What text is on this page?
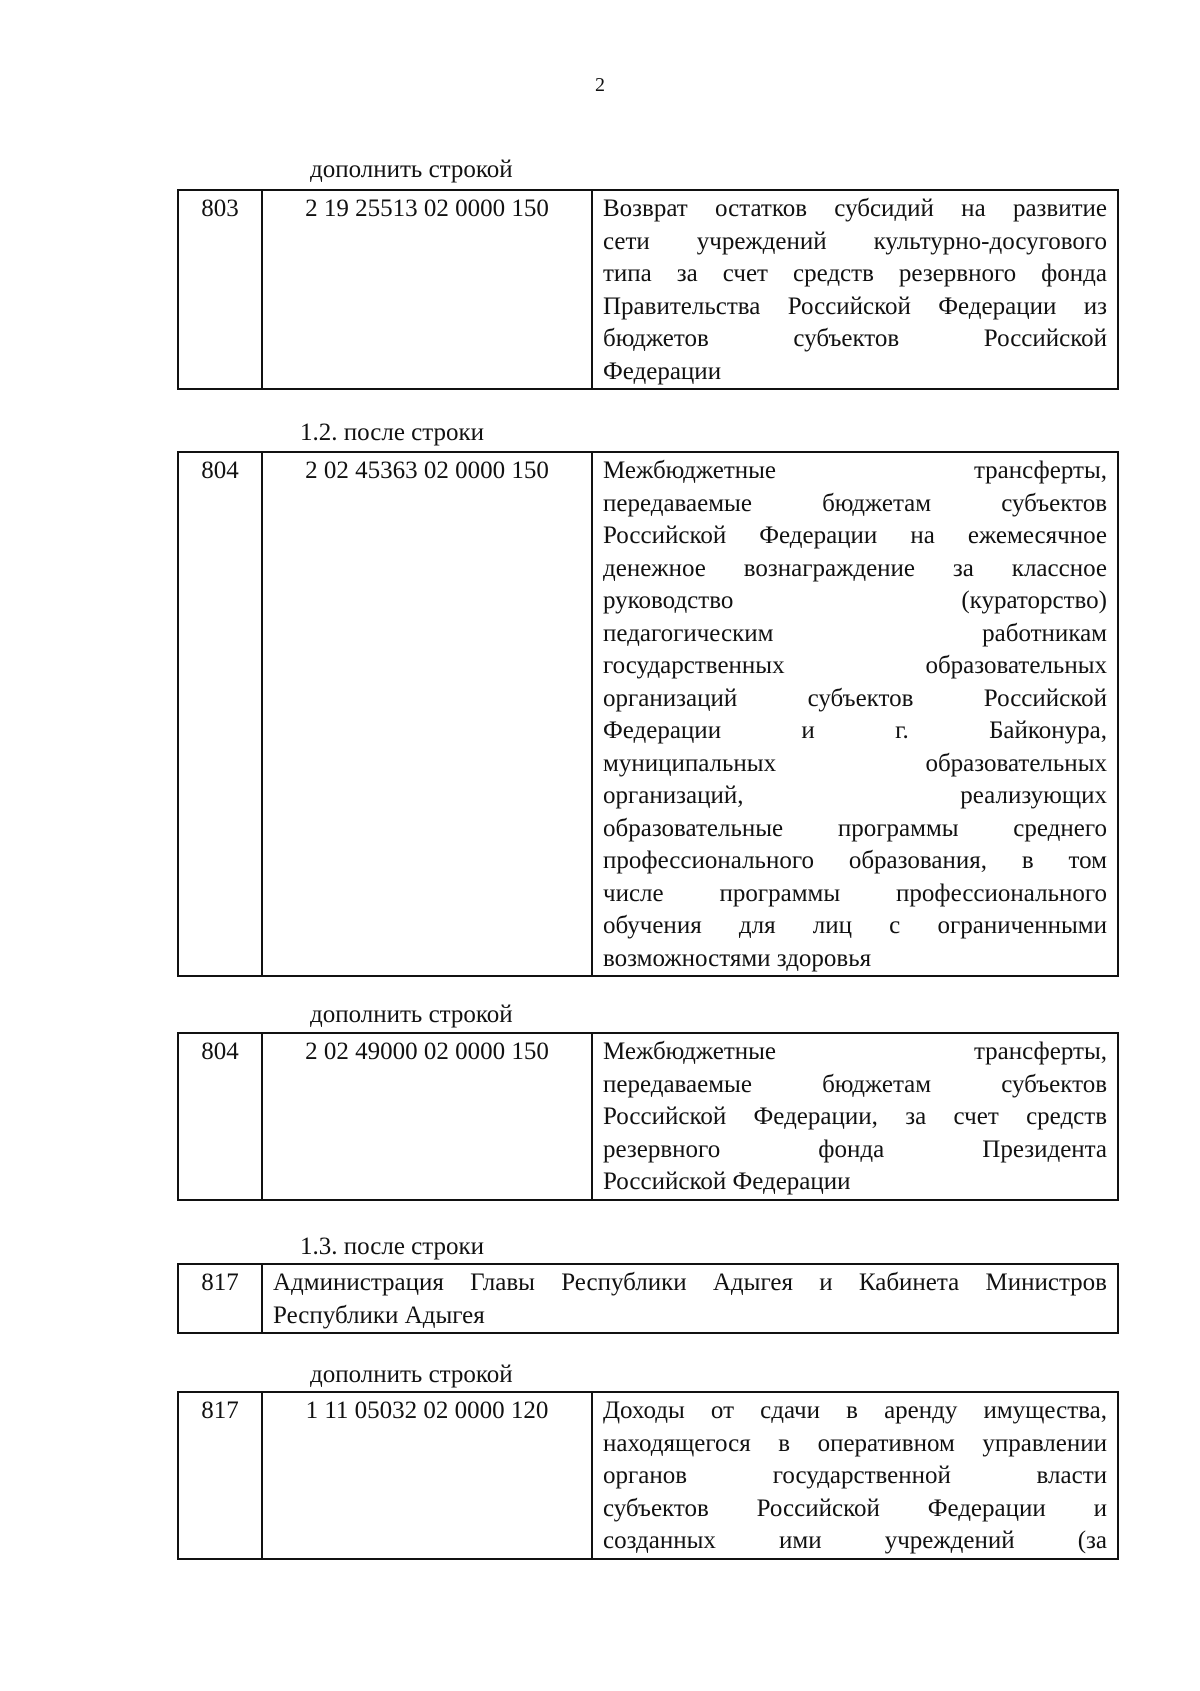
2
дополнить строкой
803	2 19 25513 02 0000 150	Возврат остатков субсидий на развитие
сети учреждений культурно-досугового
типа за счет средств резервного фонда
Правительства Российской Федерации из
бюджетов субъектов Российской
Федерации
1.2. после строки
804	2 02 45363 02 0000 150	Межбюджетные трансферты,
передаваемые бюджетам субъектов
Российской Федерации на ежемесячное
денежное вознаграждение за классное
руководство (кураторство)
педагогическим работникам
государственных образовательных
организаций субъектов Российской
Федерации и г. Байконура,
муниципальных образовательных
организаций, реализующих
образовательные программы среднего
профессионального образования, в том
числе программы профессионального
обучения для лиц с ограниченными
возможностями здоровья
дополнить строкой
804	2 02 49000 02 0000 150	Межбюджетные трансферты,
передаваемые бюджетам субъектов
Российской Федерации, за счет средств
резервного фонда Президента
Российской Федерации
1.3. после строки
817	Администрация Главы Республики Адыгея и Кабинета Министров
Республики Адыгея
дополнить строкой
817	1 11 05032 02 0000 120	Доходы от сдачи в аренду имущества,
находящегося в оперативном управлении
органов государственной власти
субъектов Российской Федерации и
созданных ими учреждений (за
